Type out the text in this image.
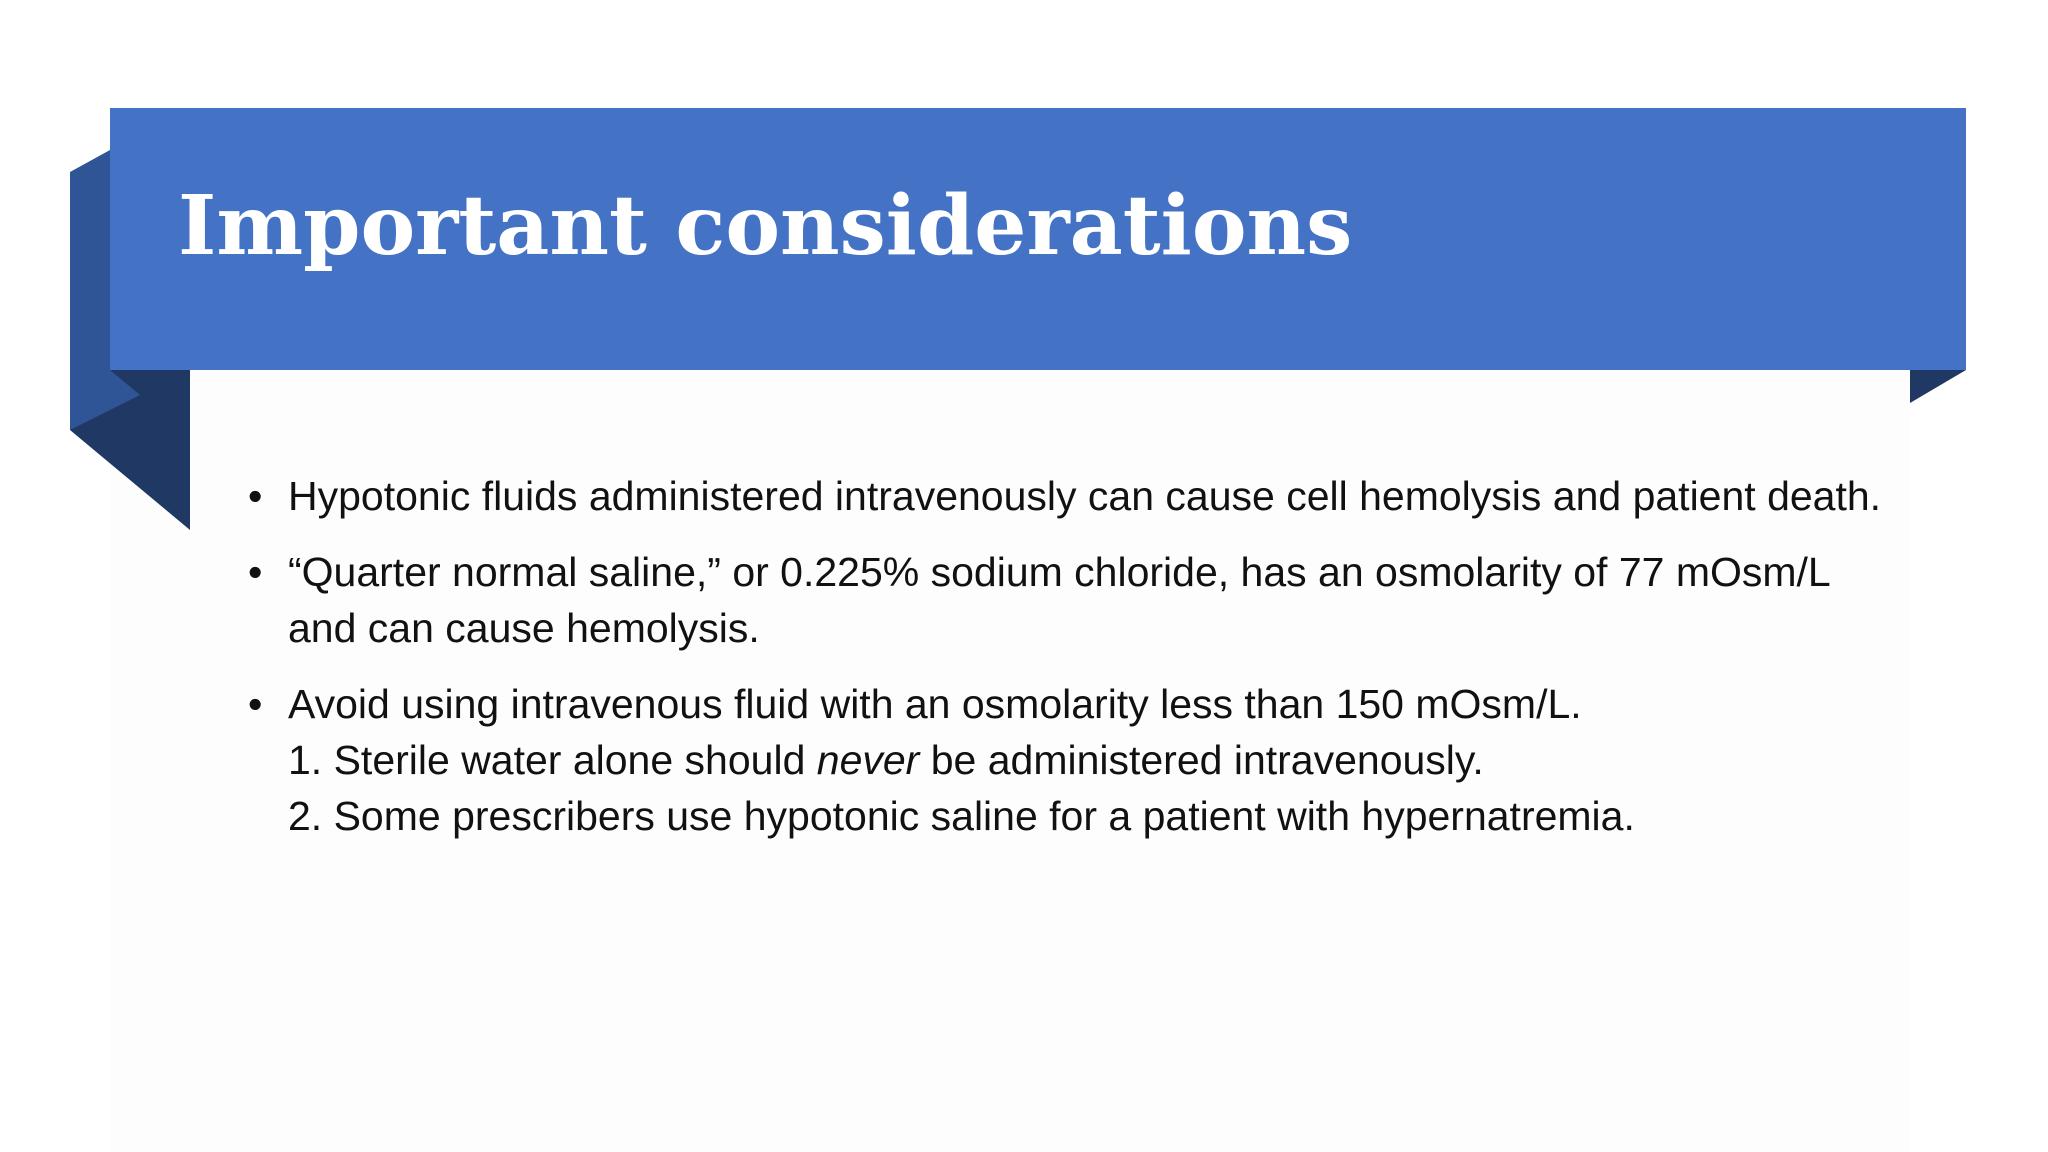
Important considerations
• Hypotonic fluids administered intravenously can cause cell hemolysis and patient death.
• “Quarter normal saline,” or 0.225% sodium chloride, has an osmolarity of 77 mOsm/L and can cause hemolysis.
• Avoid using intravenous fluid with an osmolarity less than 150 mOsm/L.
1. Sterile water alone should never be administered intravenously.
2. Some prescribers use hypotonic saline for a patient with hypernatremia.
